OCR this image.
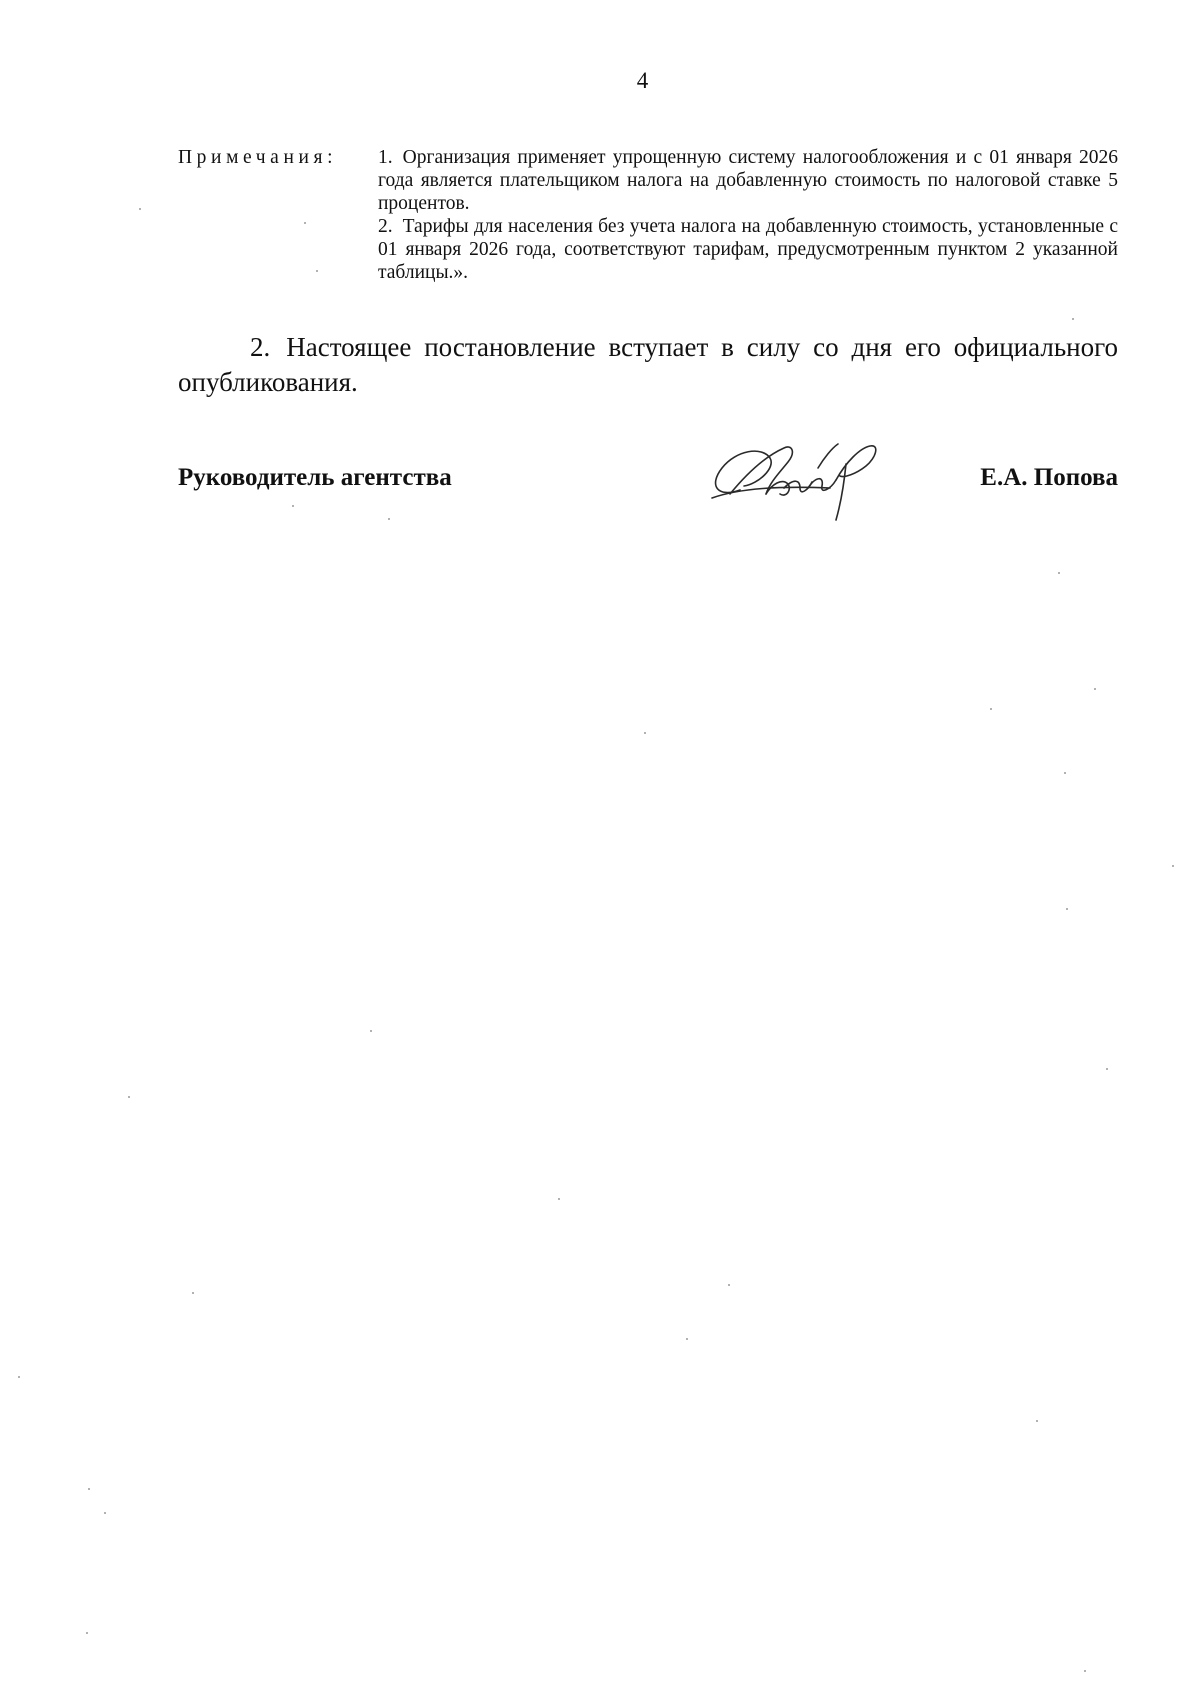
4
Примечания:	1. Организация применяет упрощенную систему налогообложения и с 01 января 2026 года является плательщиком налога на добавленную стоимость по налоговой ставке 5 процентов.
2. Тарифы для населения без учета налога на добавленную стоимость, установленные с 01 января 2026 года, соответствуют тарифам, предусмотренным пунктом 2 указанной таблицы.».
2. Настоящее постановление вступает в силу со дня его официального опубликования.
Руководитель агентства	Е.А. Попова
